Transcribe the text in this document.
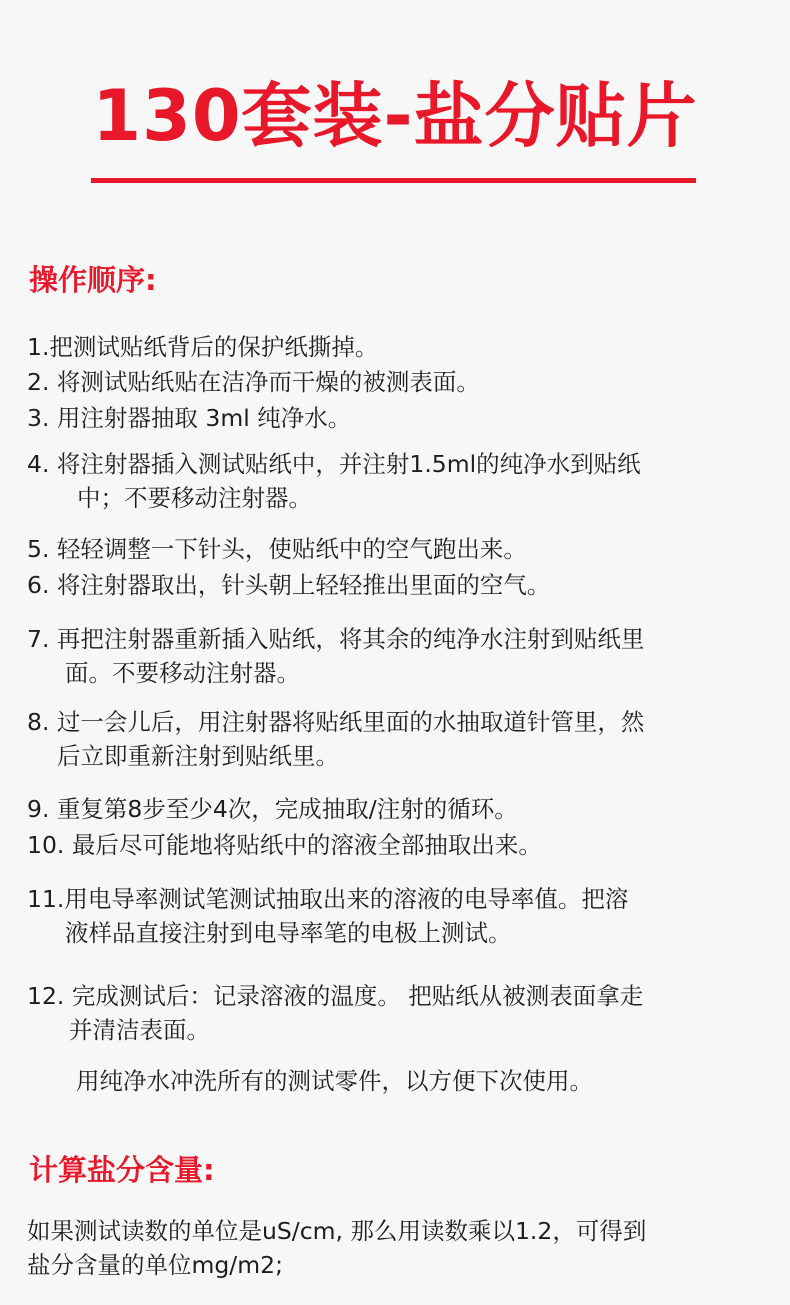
130套装-盐分贴片
操作顺序:
1.把测试贴纸背后的保护纸撕掉。
2. 将测试贴纸贴在洁净而干燥的被测表面。
3. 用注射器抽取 3ml 纯净水。
4. 将注射器插入测试贴纸中，并注射1.5ml的纯净水到贴纸
中；不要移动注射器。
5. 轻轻调整一下针头，使贴纸中的空气跑出来。
6. 将注射器取出，针头朝上轻轻推出里面的空气。
7. 再把注射器重新插入贴纸，将其余的纯净水注射到贴纸里
面。不要移动注射器。
8. 过一会儿后，用注射器将贴纸里面的水抽取道针管里，然
后立即重新注射到贴纸里。
9. 重复第8步至少4次，完成抽取/注射的循环。
10. 最后尽可能地将贴纸中的溶液全部抽取出来。
11.用电导率测试笔测试抽取出来的溶液的电导率值。把溶
液样品直接注射到电导率笔的电极上测试。
12. 完成测试后：记录溶液的温度。 把贴纸从被测表面拿走
并清洁表面。
用纯净水冲洗所有的测试零件，以方便下次使用。
计算盐分含量:
如果测试读数的单位是uS/cm, 那么用读数乘以1.2，可得到
盐分含量的单位mg/m2;
